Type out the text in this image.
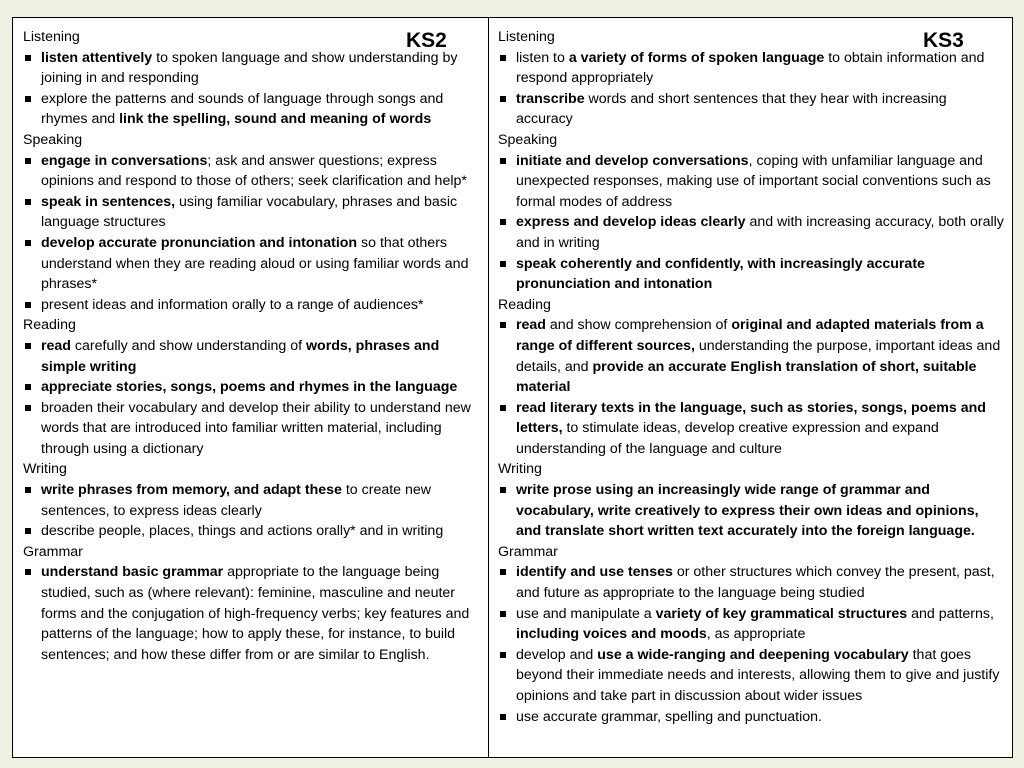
KS2

Listening

listen attentively to spoken language and show understanding by joining in and responding
explore the patterns and sounds of language through songs and rhymes and link the spelling, sound and meaning of words

Speaking

engage in conversations; ask and answer questions; express opinions and respond to those of others; seek clarification and help*
speak in sentences, using familiar vocabulary, phrases and basic language structures
develop accurate pronunciation and intonation so that others understand when they are reading aloud or using familiar words and phrases*
present ideas and information orally to a range of audiences*

Reading

read carefully and show understanding of words, phrases and simple writing
appreciate stories, songs, poems and rhymes in the language
broaden their vocabulary and develop their ability to understand new words that are introduced into familiar written material, including through using a dictionary

Writing

write phrases from memory, and adapt these to create new sentences, to express ideas clearly
describe people, places, things and actions orally* and in writing

Grammar

understand basic grammar appropriate to the language being studied, such as (where relevant): feminine, masculine and neuter forms and the conjugation of high-frequency verbs; key features and patterns of the language; how to apply these, for instance, to build sentences; and how these differ from or are similar to English.
KS3

Listening

listen to a variety of forms of spoken language to obtain information and respond appropriately
transcribe words and short sentences that they hear with increasing accuracy

Speaking

initiate and develop conversations, coping with unfamiliar language and unexpected responses, making use of important social conventions such as formal modes of address
express and develop ideas clearly and with increasing accuracy, both orally and in writing
speak coherently and confidently, with increasingly accurate pronunciation and intonation

Reading

read and show comprehension of original and adapted materials from a range of different sources, understanding the purpose, important ideas and details, and provide an accurate English translation of short, suitable material
read literary texts in the language, such as stories, songs, poems and letters, to stimulate ideas, develop creative expression and expand understanding of the language and culture

Writing

write prose using an increasingly wide range of grammar and vocabulary, write creatively to express their own ideas and opinions, and translate short written text accurately into the foreign language.

Grammar

identify and use tenses or other structures which convey the present, past, and future as appropriate to the language being studied
use and manipulate a variety of key grammatical structures and patterns, including voices and moods, as appropriate
develop and use a wide-ranging and deepening vocabulary that goes beyond their immediate needs and interests, allowing them to give and justify opinions and take part in discussion about wider issues
use accurate grammar, spelling and punctuation.
